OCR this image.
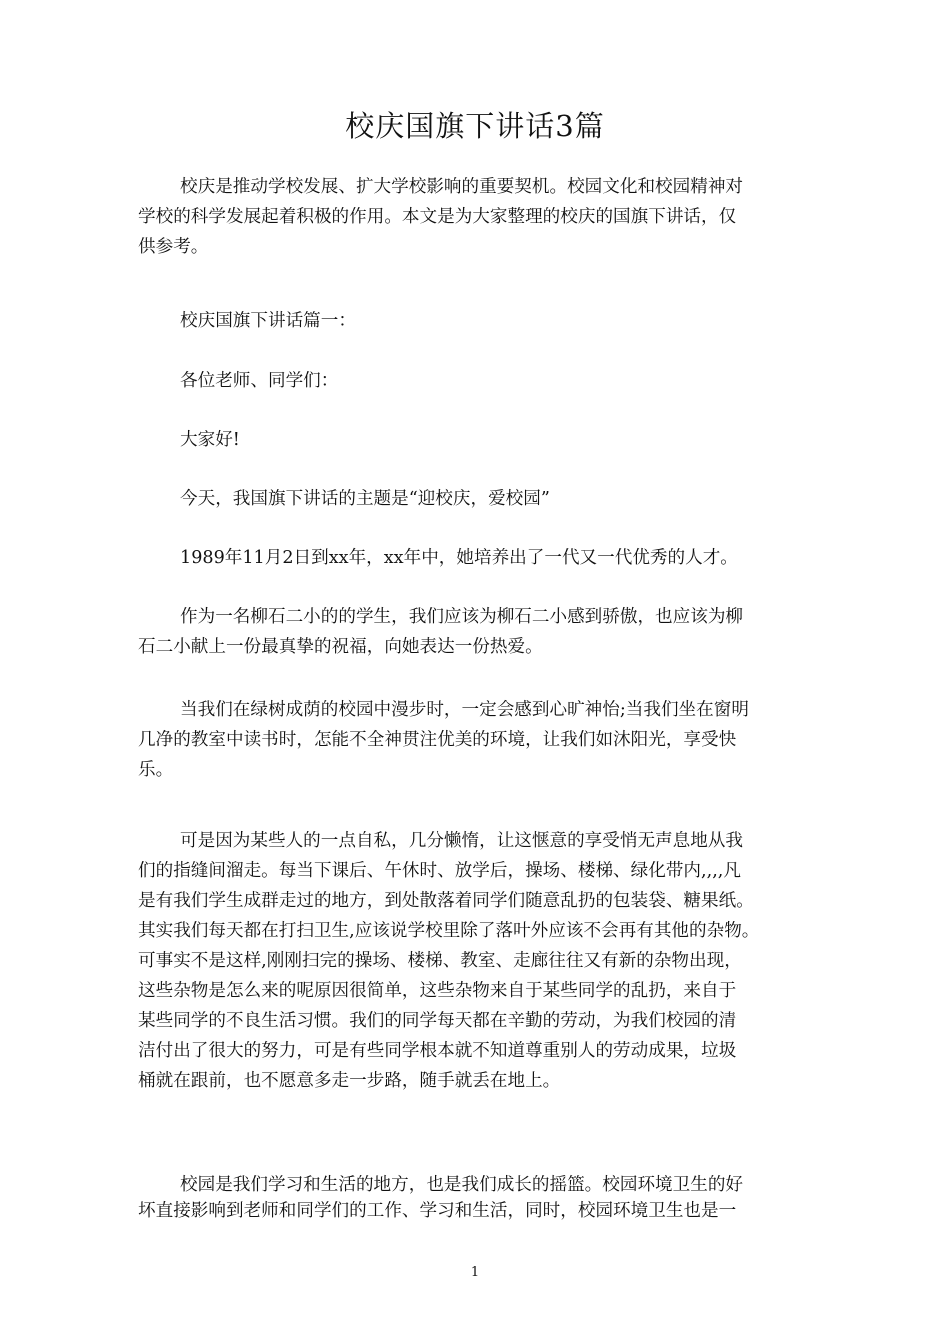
校庆国旗下讲话3篇
校庆是推动学校发展、扩大学校影响的重要契机。校园文化和校园精神对
学校的科学发展起着积极的作用。本文是为大家整理的校庆的国旗下讲话，仅
供参考。
校庆国旗下讲话篇一：
各位老师、同学们：
大家好!
今天，我国旗下讲话的主题是“迎校庆，爱校园”
1989年11月2日到xx年，xx年中，她培养出了一代又一代优秀的人才。
作为一名柳石二小的的学生，我们应该为柳石二小感到骄傲，也应该为柳
石二小献上一份最真挚的祝福，向她表达一份热爱。
当我们在绿树成荫的校园中漫步时，一定会感到心旷神怡;当我们坐在窗明
几净的教室中读书时，怎能不全神贯注优美的环境，让我们如沐阳光，享受快
乐。
可是因为某些人的一点自私，几分懒惰，让这惬意的享受悄无声息地从我
们的指缝间溜走。每当下课后、午休时、放学后，操场、楼梯、绿化带内,,,,凡
是有我们学生成群走过的地方，到处散落着同学们随意乱扔的包装袋、糖果纸。
其实我们每天都在打扫卫生,应该说学校里除了落叶外应该不会再有其他的杂物。
可事实不是这样,刚刚扫完的操场、楼梯、教室、走廊往往又有新的杂物出现，
这些杂物是怎么来的呢原因很简单，这些杂物来自于某些同学的乱扔，来自于
某些同学的不良生活习惯。我们的同学每天都在辛勤的劳动，为我们校园的清
洁付出了很大的努力，可是有些同学根本就不知道尊重别人的劳动成果，垃圾
桶就在跟前，也不愿意多走一步路，随手就丢在地上。
校园是我们学习和生活的地方，也是我们成长的摇篮。校园环境卫生的好
坏直接影响到老师和同学们的工作、学习和生活，同时，校园环境卫生也是一
1
